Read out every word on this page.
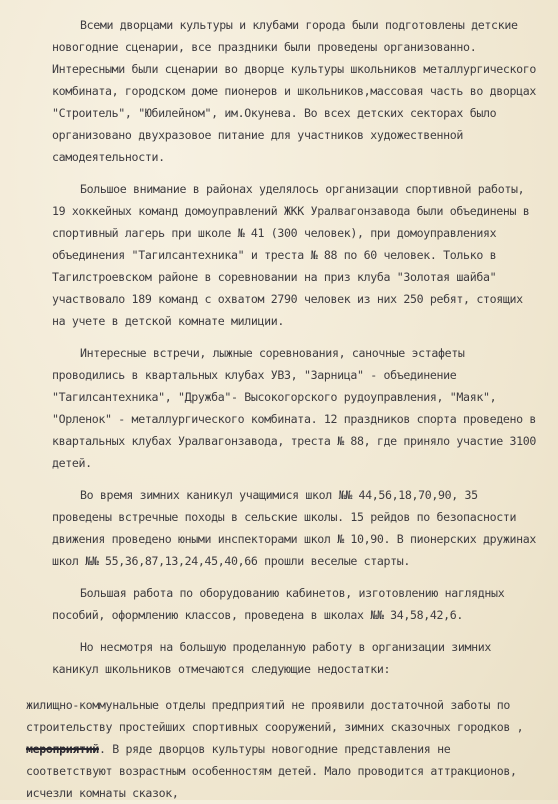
Всеми дворцами культуры и клубами города были подготовлены детские новогодние сценарии, все праздники были проведены организованно. Интересными были сценарии во дворце культуры школьников металлургического комбината, городском доме пионеров и школьников,массовая часть во дворцах "Строитель", "Юбилейном", им.Окунева. Во всех детских секторах было организовано двухразовое питание для участников художественной самодеятельности.

Большое внимание в районах уделялось организации спортивной работы, 19 хоккейных команд домоуправлений ЖКК Уралвагонзавода были объединены в спортивный лагерь при школе № 41 (300 человек), при домоуправлениях объединения "Тагилсантехника" и треста № 88 по 60 человек. Только в Тагилстроевском районе в соревновании на приз клуба "Золотая шайба" участвовало 189 команд с охватом 2790 человек из них 250 ребят, стоящих на учете в детской комнате милиции.

Интересные встречи, лыжные соревнования, саночные эстафеты проводились в квартальных клубах УВЗ, "Зарница" - объединение "Тагилсантехника", "Дружба"- Высокогорского рудоуправления, "Маяк", "Орленок" - металлургического комбината. 12 праздников спорта проведено в квартальных клубах Уралвагонзавода, треста № 88, где приняло участие 3100 детей.

Во время зимних каникул учащимися школ №№ 44,56,18,70,90, 35 проведены встречные походы в сельские школы. 15 рейдов по безопасности движения проведено юными инспекторами школ № 10,90. В пионерских дружинах школ №№ 55,36,87,13,24,45,40,66 прошли веселые старты.

Большая работа по оборудованию кабинетов, изготовлению наглядных пособий, оформлению классов, проведена в школах №№ 34,58,42,6.

Но несмотря на большую проделанную работу в организации зимних каникул школьников отмечаются следующие недостатки:

жилищно-коммунальные отделы предприятий не проявили достаточной заботы по строительству простейших спортивных сооружений, зимних сказочных городков , мероприятий. В ряде дворцов культуры новогодние представления не соответствуют возрастным особенностям детей. Мало проводится аттракционов, исчезли комнаты сказок,
